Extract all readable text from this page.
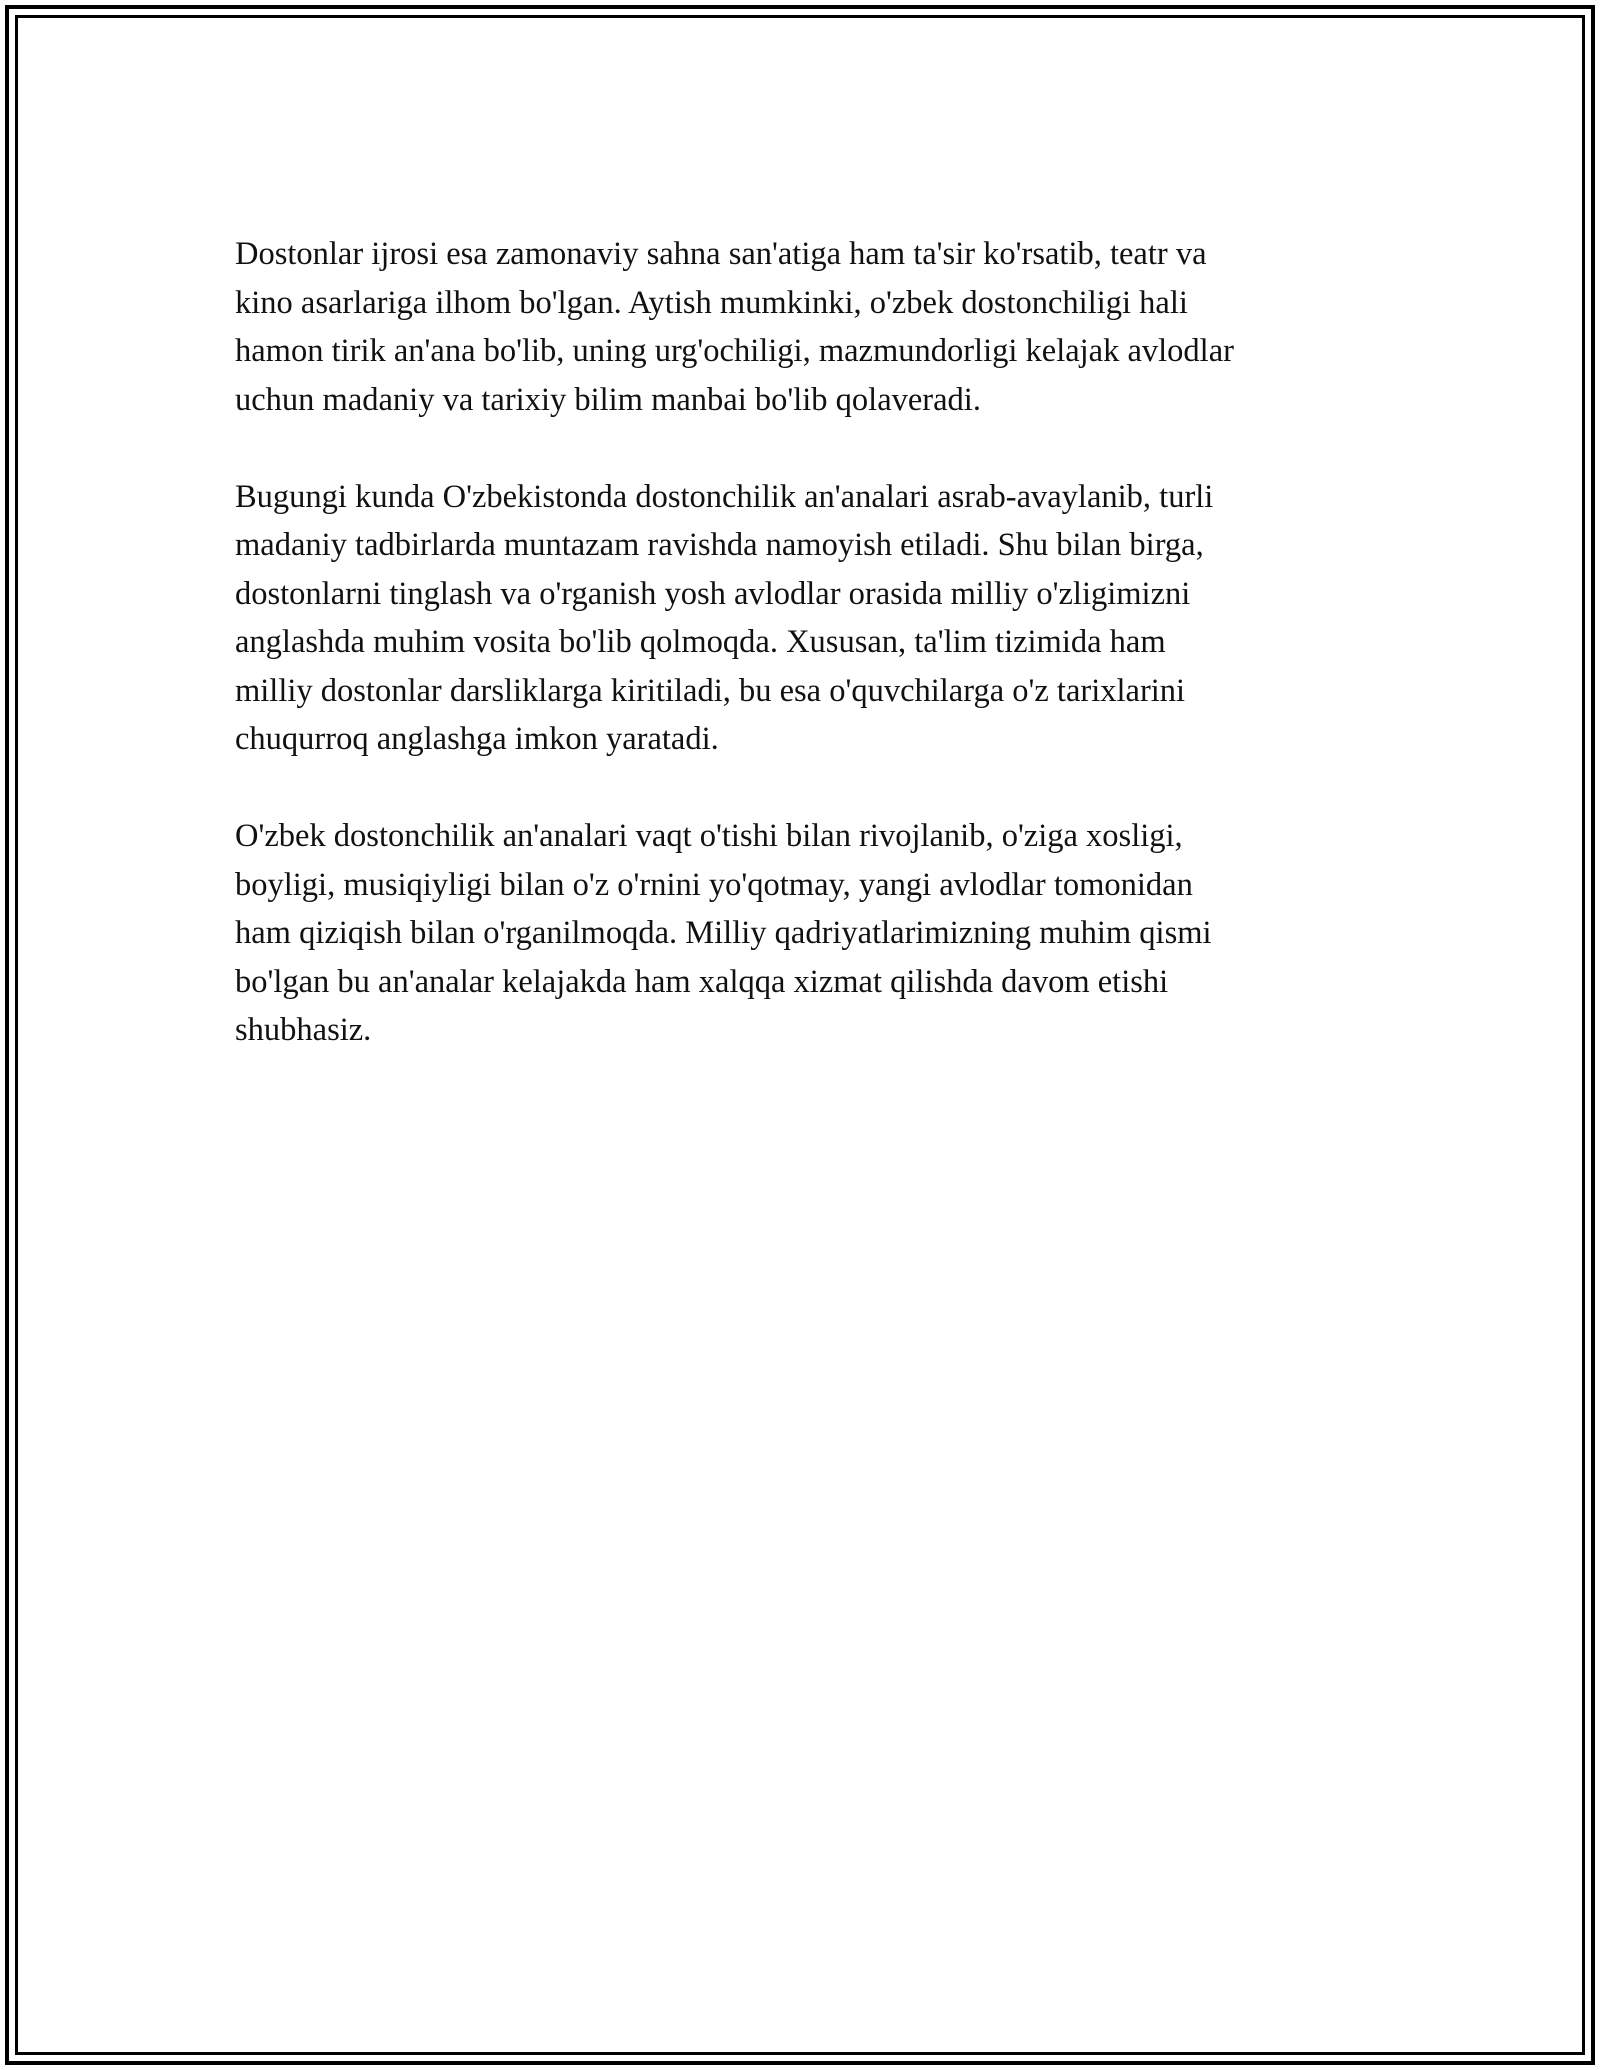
Dostonlar ijrosi esa zamonaviy sahna san'atiga ham ta'sir ko'rsatib, teatr va
kino asarlariga ilhom bo'lgan. Aytish mumkinki, o'zbek dostonchiligi hali
hamon tirik an'ana bo'lib, uning urg'ochiligi, mazmundorligi kelajak avlodlar
uchun madaniy va tarixiy bilim manbai bo'lib qolaveradi.

Bugungi kunda O'zbekistonda dostonchilik an'analari asrab-avaylanib, turli
madaniy tadbirlarda muntazam ravishda namoyish etiladi. Shu bilan birga,
dostonlarni tinglash va o'rganish yosh avlodlar orasida milliy o'zligimizni
anglashda muhim vosita bo'lib qolmoqda. Xususan, ta'lim tizimida ham
milliy dostonlar darsliklarga kiritiladi, bu esa o'quvchilarga o'z tarixlarini
chuqurroq anglashga imkon yaratadi.

O'zbek dostonchilik an'analari vaqt o'tishi bilan rivojlanib, o'ziga xosligi,
boyligi, musiqiyligi bilan o'z o'rnini yo'qotmay, yangi avlodlar tomonidan
ham qiziqish bilan o'rganilmoqda. Milliy qadriyatlarimizning muhim qismi
bo'lgan bu an'analar kelajakda ham xalqqa xizmat qilishda davom etishi
shubhasiz.
